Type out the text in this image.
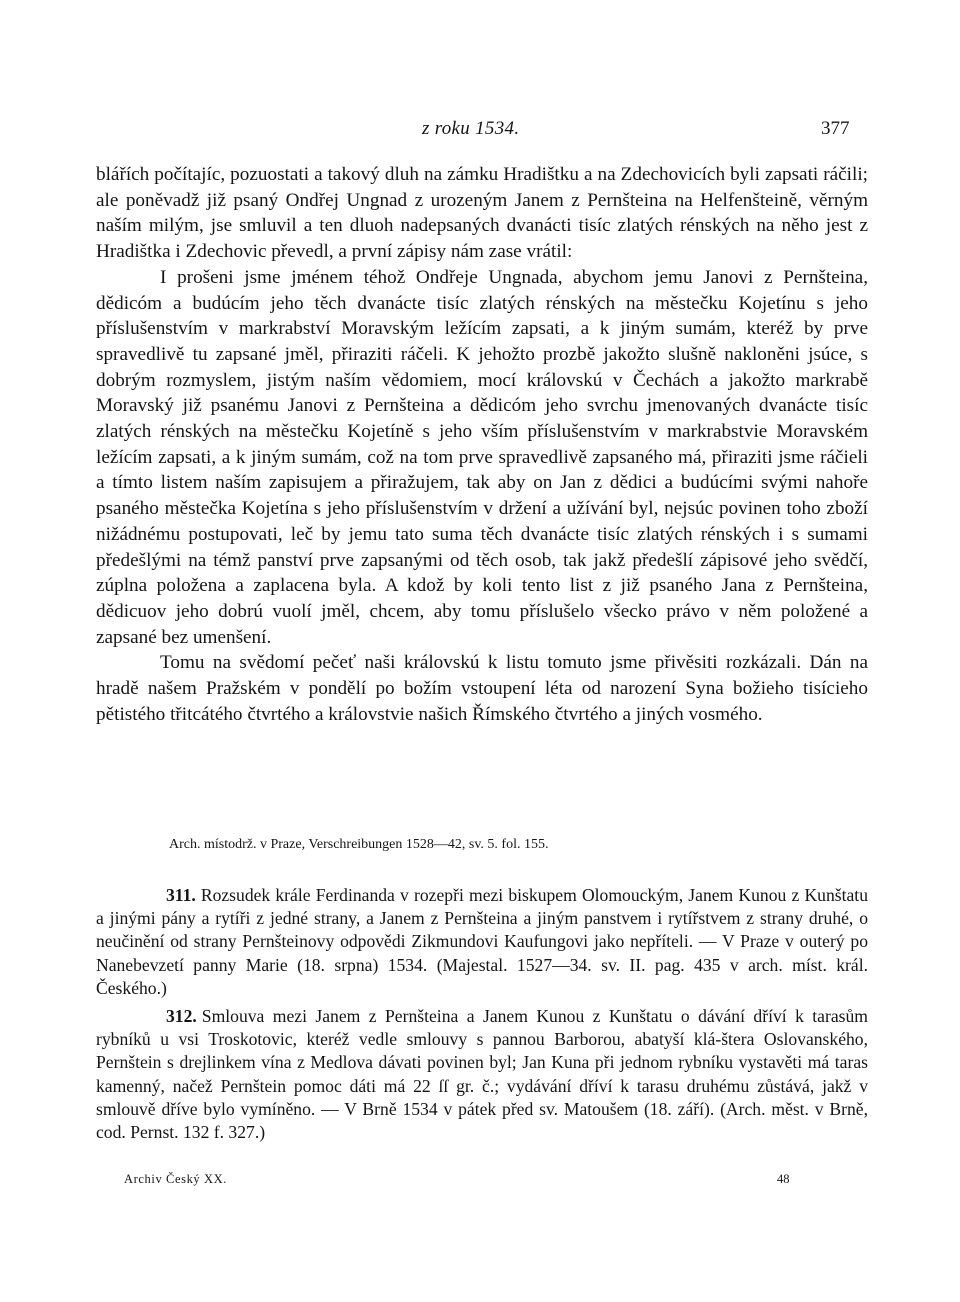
z roku 1534.	377

blářích počítajíc, pozuostati a takový dluh na zámku Hradištku a na Zdechovicích byli zapsati ráčili; ale poněvadž již psaný Ondřej Ungnad z urozeným Janem z Pernšteina na Helfenšteině, věrným naším milým, jse smluvil a ten dluoh nadepsaných dvanácti tisíc zlatých rénských na něho jest z Hradištka i Zdechovic převedl, a první zápisy nám zase vrátil:

I prošeni jsme jménem téhož Ondřeje Ungnada, abychom jemu Janovi z Pernšteina, dědicóm a budúcím jeho těch dvanácte tisíc zlatých rénských na městečku Kojetínu s jeho příslušenstvím v markrabství Moravským ležícím zapsati, a k jiným sumám, kteréž by prve spravedlivě tu zapsané jměl, přiraziti ráčeli. K jehožto prozbě jakožto slušně nakloněni jsúce, s dobrým rozmyslem, jistým naším vědomiem, mocí královskú v Čechách a jakožto markrabě Moravský již psanému Janovi z Pernšteina a dědicóm jeho svrchu jmenovaných dvanácte tisíc zlatých rénských na městečku Kojetíně s jeho vším příslušenstvím v markrabstvie Moravském ležícím zapsati, a k jiným sumám, což na tom prve spravedlivě zapsaného má, přiraziti jsme ráčieli a tímto listem naším zapisujem a přiražujem, tak aby on Jan z dědici a budúcími svými nahoře psaného městečka Kojetína s jeho příslušenstvím v držení a užívání byl, nejsúc povinen toho zboží nižádnému postupovati, leč by jemu tato suma těch dvanácte tisíc zlatých rénských i s sumami předešlými na témž panství prve zapsanými od těch osob, tak jakž předešlí zápisové jeho svědčí, zúplna položena a zaplacena byla. A kdož by koli tento list z již psaného Jana z Pernšteina, dědicuov jeho dobrú vuolí jměl, chcem, aby tomu příslušelo všecko právo v něm položené a zapsané bez umenšení.

Tomu na svědomí pečeť naši královskú k listu tomuto jsme přivěsiti rozkázali. Dán na hradě našem Pražském v pondělí po božím vstoupení léta od narození Syna božieho tisícieho pětistého třitcátého čtvrtého a královstvie našich Římského čtvrtého a jiných vosmého.

Arch. místodrž. v Praze, Verschreibungen 1528—42, sv. 5. fol. 155.

311. Rozsudek krále Ferdinanda v rozepři mezi biskupem Olomouckým, Janem Kunou z Kunštatu a jinými pány a rytíři z jedné strany, a Janem z Pernšteina a jiným panstvem i rytířstvem z strany druhé, o neučinění od strany Pernšteinovy odpovědi Zikmundovi Kaufungovi jako nepříteli. — V Praze v outerý po Nanebevzetí panny Marie (18. srpna) 1534. (Majestal. 1527—34. sv. II. pag. 435 v arch. míst. král. Českého.)

312. Smlouva mezi Janem z Pernšteina a Janem Kunou z Kunštatu o dávání dříví k tarasům rybníků u vsi Troskotovic, kteréž vedle smlouvy s pannou Barborou, abatyší klá-štera Oslovanského, Pernštein s drejlinkem vína z Medlova dávati povinen byl; Jan Kuna při jednom rybníku vystavěti má taras kamenný, načež Pernštein pomoc dáti má 22 ſſ gr. č.; vydávání dříví k tarasu druhému zůstává, jakž v smlouvě dříve bylo vymíněno. — V Brně 1534 v pátek před sv. Matoušem (18. září). (Arch. měst. v Brně, cod. Pernst. 132 f. 327.)

Archiv Český XX.	48
